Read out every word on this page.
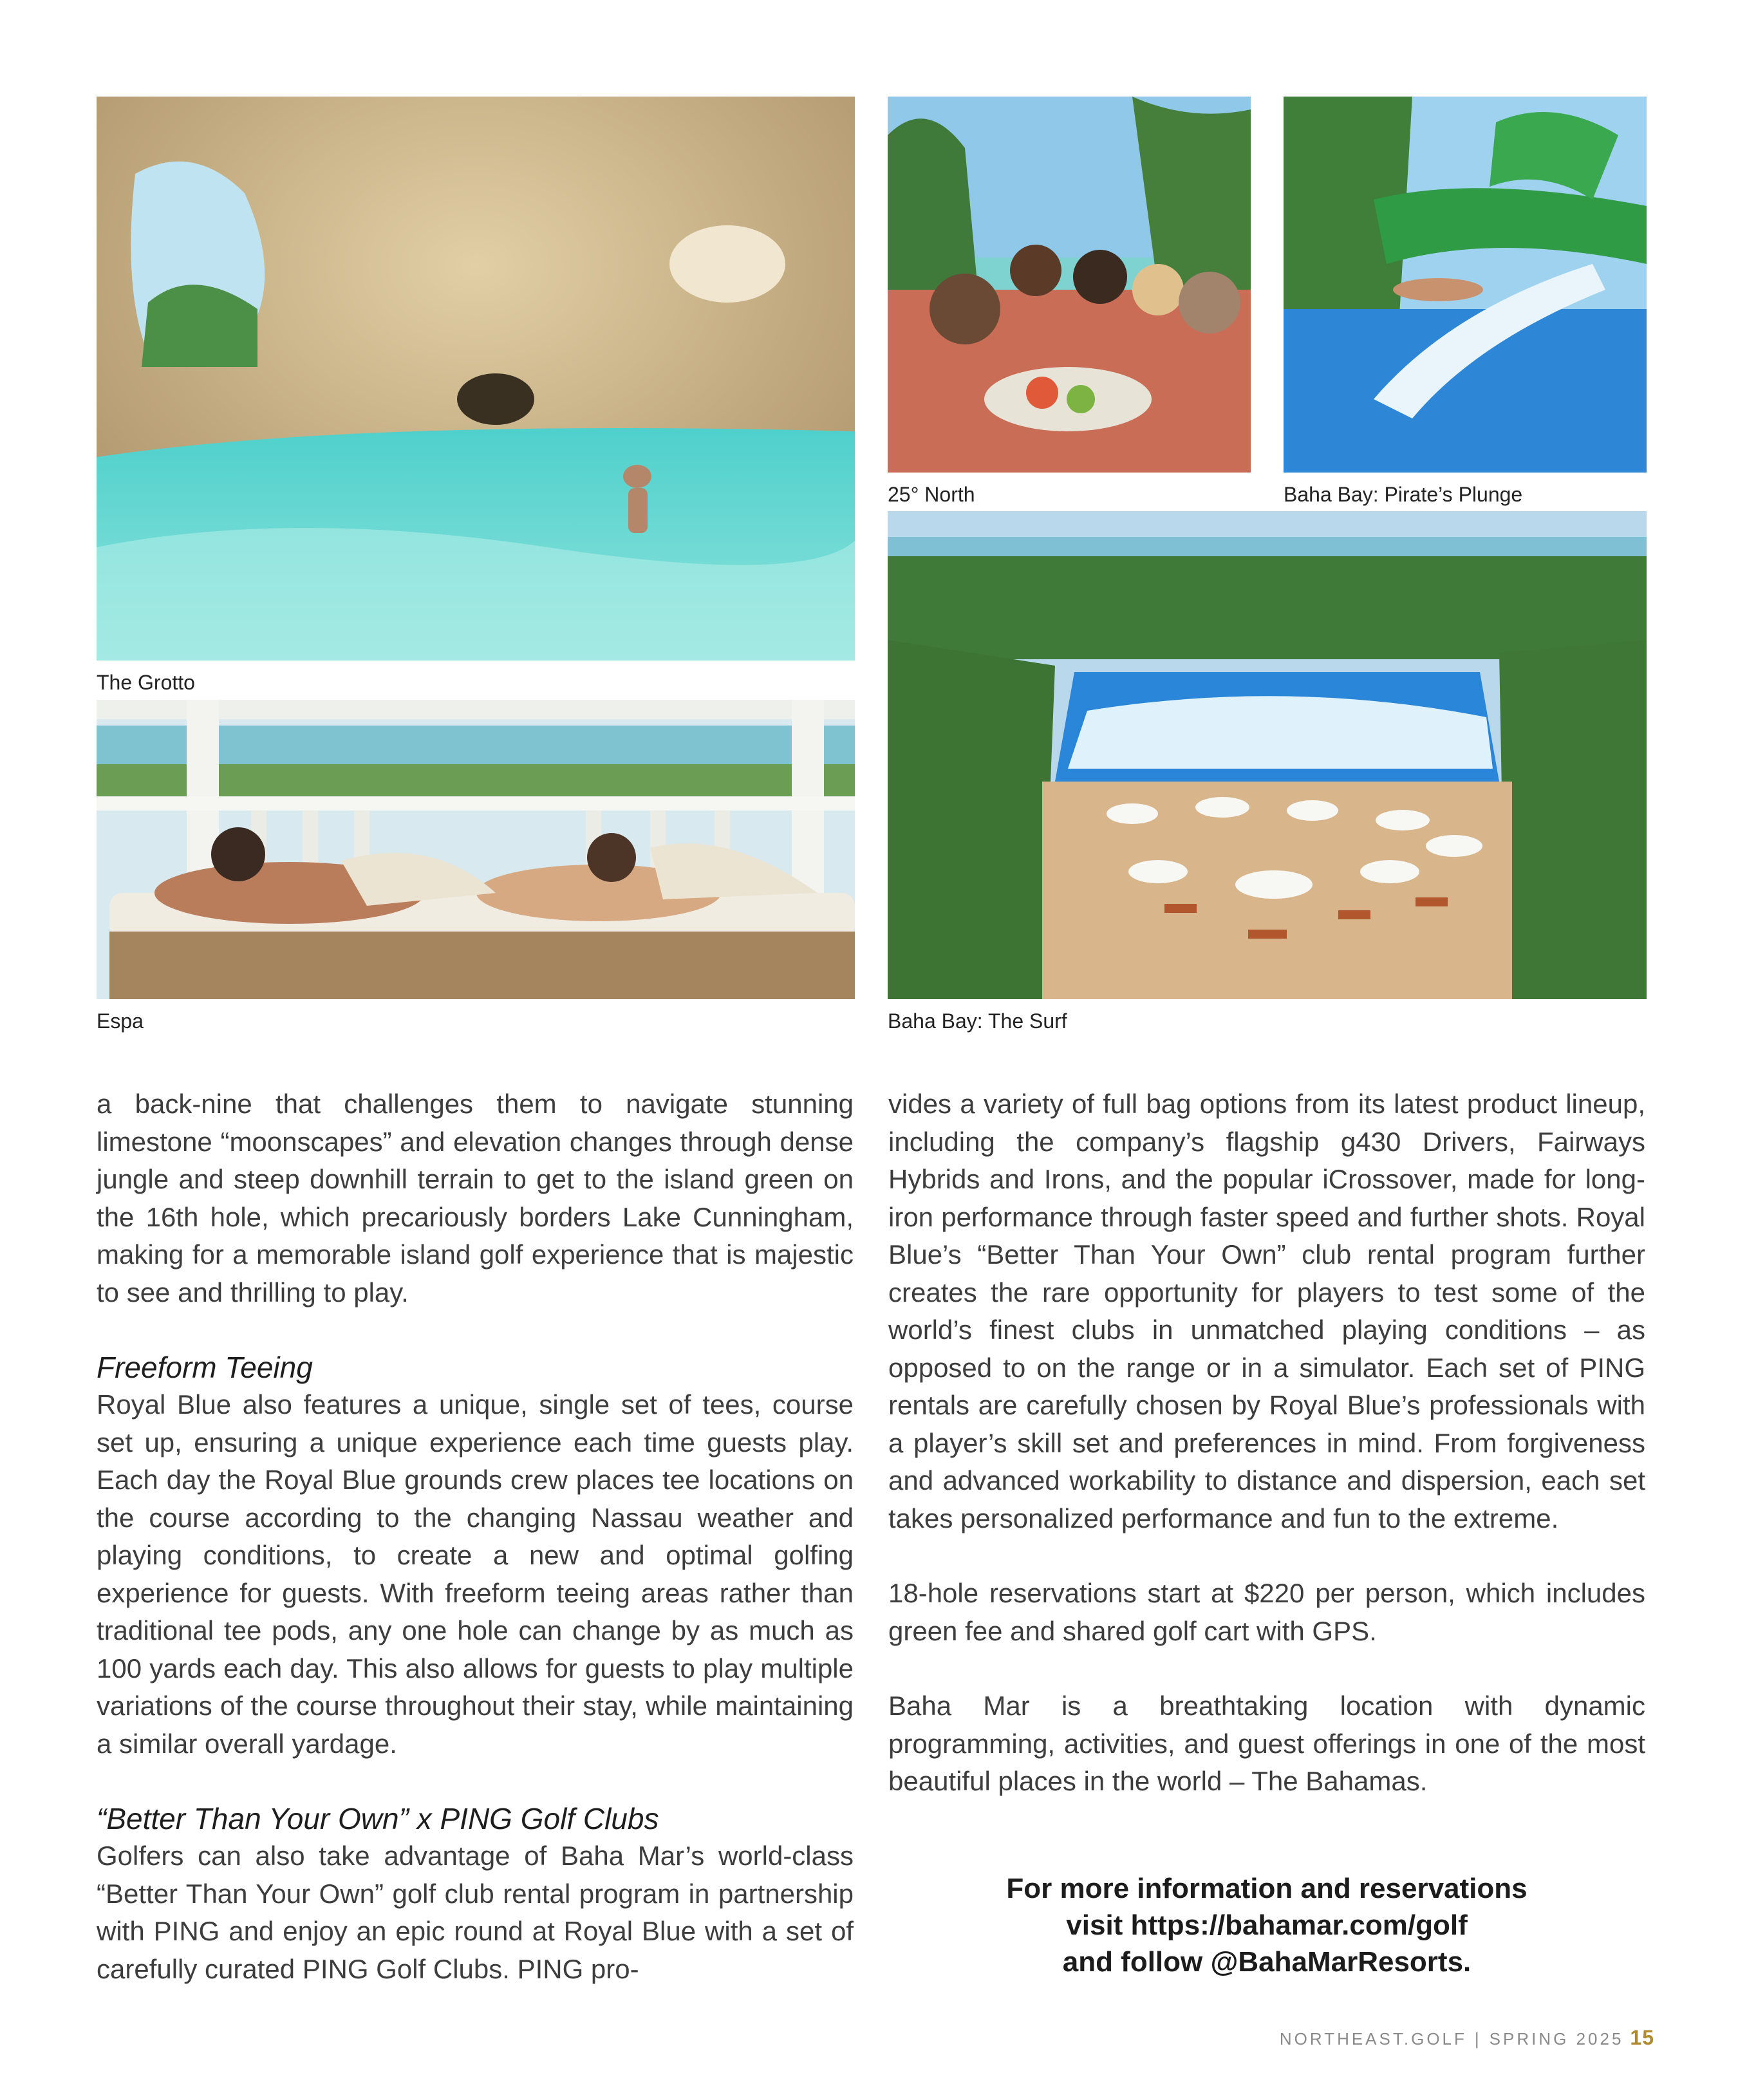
The Grotto
25° North	Baha Bay: Pirate’s Plunge
Espa	Baha Bay: The Surf

a back-nine that challenges them to navigate stunning limestone “moonscapes” and elevation changes through dense jungle and steep downhill terrain to get to the island green on the 16th hole, which precariously borders Lake Cunningham, making for a memorable island golf experience that is majestic to see and thrilling to play.

Freeform Teeing

Royal Blue also features a unique, single set of tees, course set up, ensuring a unique experience each time guests play. Each day the Royal Blue grounds crew places tee locations on the course according to the changing Nassau weather and playing conditions, to create a new and optimal golfing experience for guests. With freeform teeing areas rather than traditional tee pods, any one hole can change by as much as 100 yards each day. This also allows for guests to play multiple variations of the course throughout their stay, while maintaining a similar overall yardage.

“Better Than Your Own” x PING Golf Clubs

Golfers can also take advantage of Baha Mar’s world-class “Better Than Your Own” golf club rental program in partnership with PING and enjoy an epic round at Royal Blue with a set of carefully curated PING Golf Clubs. PING pro-

vides a variety of full bag options from its latest product lineup, including the company’s flagship g430 Drivers, Fairways Hybrids and Irons, and the popular iCrossover, made for long-iron performance through faster speed and further shots. Royal Blue’s “Better Than Your Own” club rental program further creates the rare opportunity for players to test some of the world’s finest clubs in unmatched playing conditions – as opposed to on the range or in a simulator. Each set of PING rentals are carefully chosen by Royal Blue’s professionals with a player’s skill set and preferences in mind. From forgiveness and advanced workability to distance and dispersion, each set takes personalized performance and fun to the extreme.

18-hole reservations start at $220 per person, which includes green fee and shared golf cart with GPS.

Baha Mar is a breathtaking location with dynamic programming, activities, and guest offerings in one of the most beautiful places in the world – The Bahamas.

For more information and reservations
visit https://bahamar.com/golf
and follow @BahaMarResorts.
NORTHEAST.GOLF | SPRING 2025 15
